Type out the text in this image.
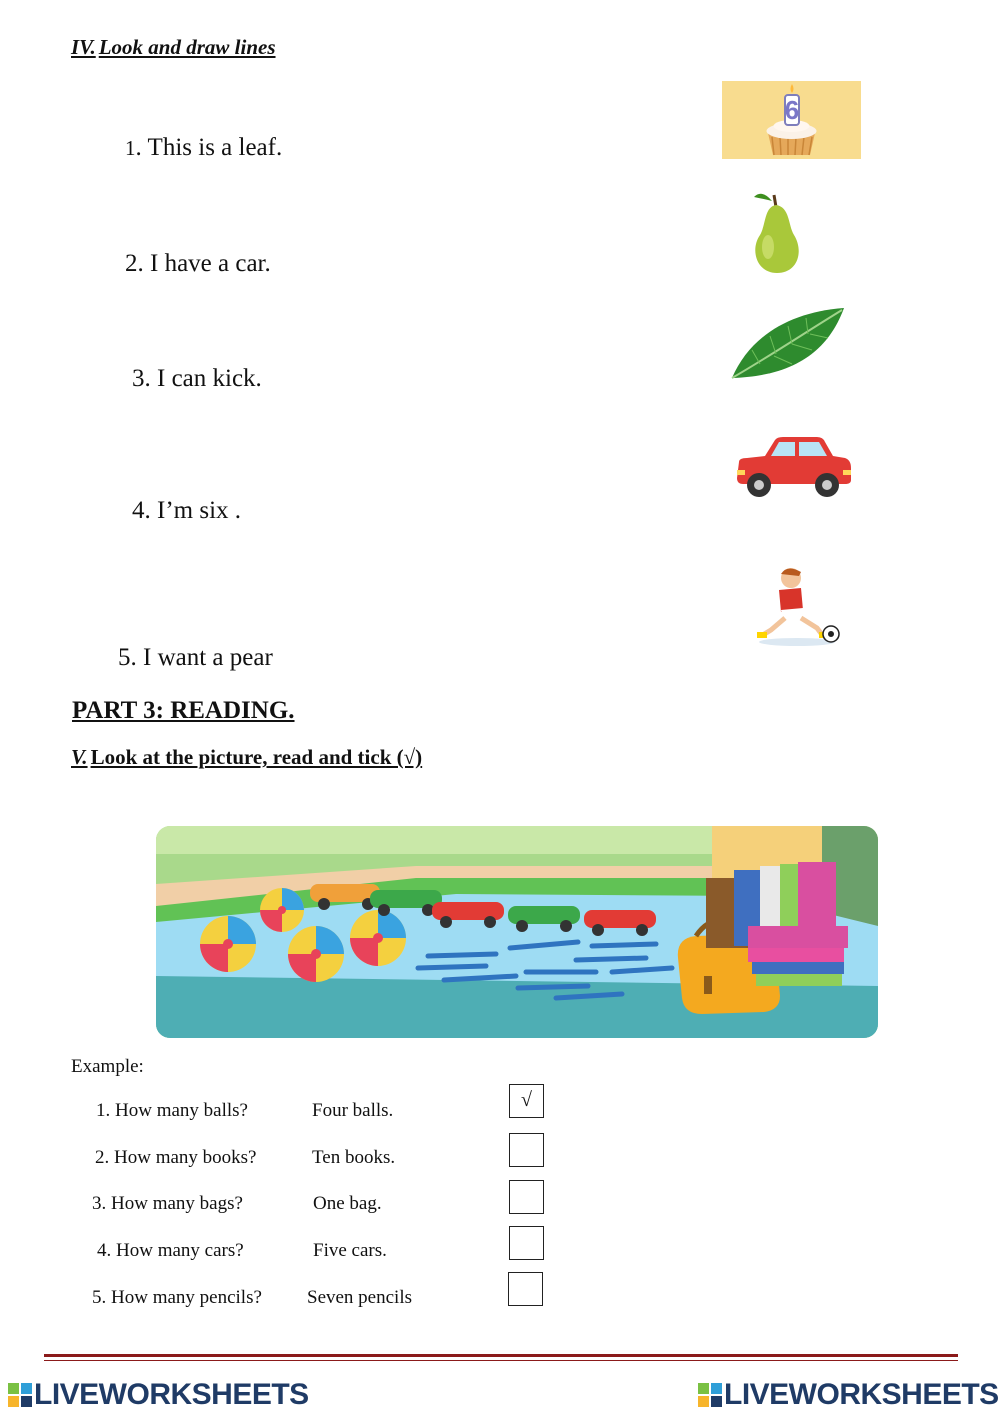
IV. Look and draw lines
1. This is a leaf.
2. I have a car.
3. I can kick.
4. I’m six .
5. I want a pear
6
PART 3: READING.
V. Look at the picture, read and tick (√)
Example:
1. How many balls?	Four balls.	√
2. How many books?	Ten books.
3. How many bags?	One bag.
4. How many cars?	Five cars.
5. How many pencils? Seven pencils
LIVEWORKSHEETS	LIVEWORKSHEETS
